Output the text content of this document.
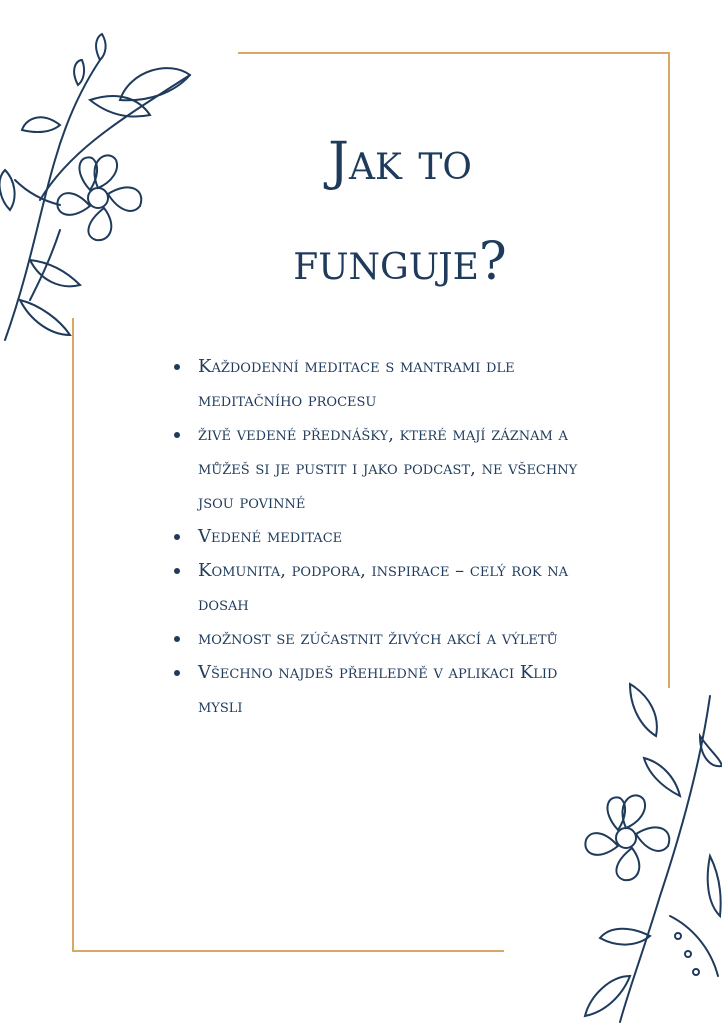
Jak to
funguje?
Každodenní meditace s mantrami dle meditačního procesu
živě vedené přednášky, které mají záznam a můžeš si je pustit i jako podcast, ne všechny jsou povinné
Vedené meditace
Komunita, podpora, inspirace – celý rok na dosah
možnost se zúčastnit živých akcí a výletů
Všechno najdeš přehledně v aplikaci Klid mysli
